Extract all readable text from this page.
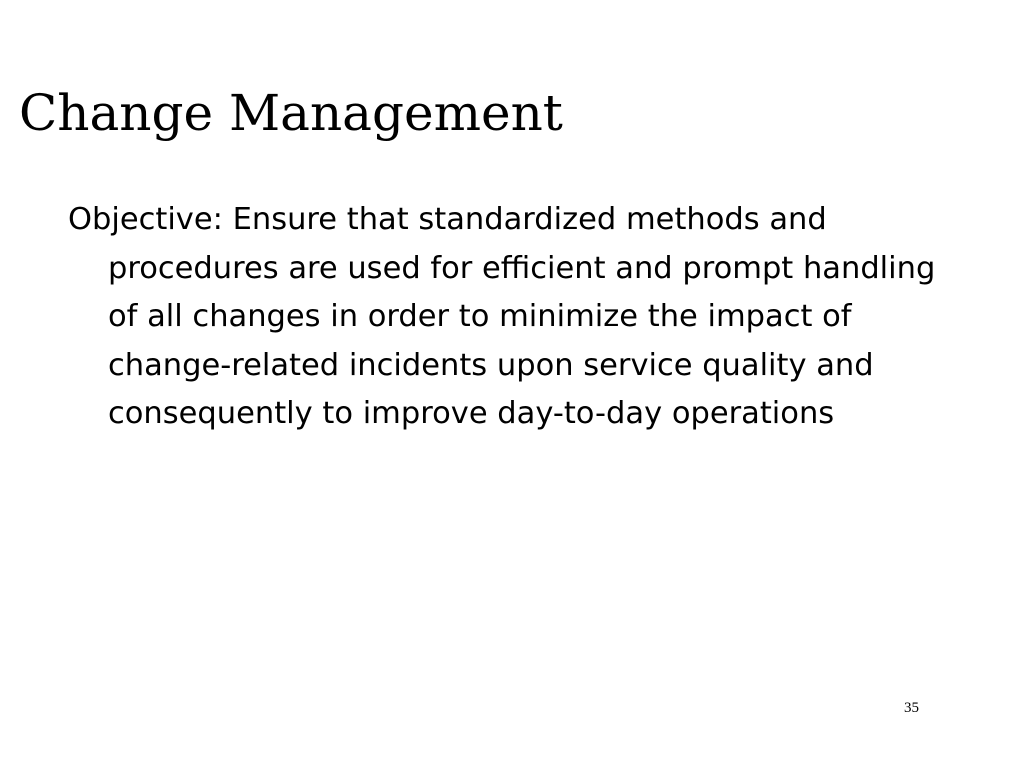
Change Management

Objective: Ensure that standardized methods and procedures are used for efficient and prompt handling of all changes in order to minimize the impact of change-related incidents upon service quality and consequently to improve day-to-day operations

35
